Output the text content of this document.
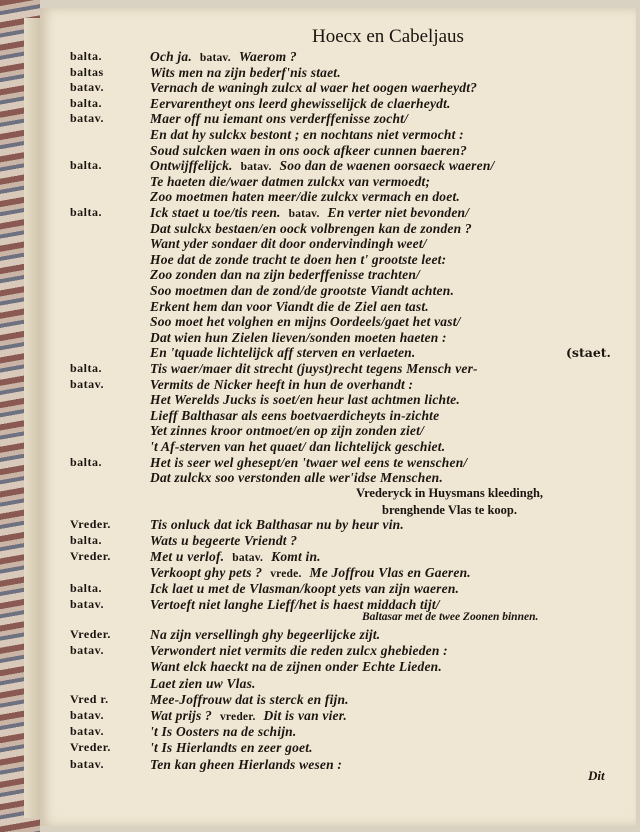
Hoecx en Cabeljaus
balta.	Och ja. batav. Waerom ?
baltas	Wits men na zijn bederf'nis staet.
batav.	Vernach de waningh zulcx al waer het oogen waerheydt?
balta.	Eervarentheyt ons leerd ghewisselijck de claerheydt.
batav.	Maer off nu iemant ons verderffenisse zocht/
En dat hy sulckx bestont ; en nochtans niet vermocht :
Soud sulcken waen in ons oock afkeer cunnen baeren?
balta.	Ontwijffelijck. batav. Soo dan de waenen oorsaeck waeren/
Te haeten die/waer datmen zulckx van vermoedt;
Zoo moetmen haten meer/die zulckx vermach en doet.
balta.	Ick staet u toe/tis reen. batav. En verter niet bevonden/
Dat sulckx bestaen/en oock volbrengen kan de zonden ?
Want yder sondaer dit door ondervindingh weet/
Hoe dat de zonde tracht te doen hen t' grootste leet:
Zoo zonden dan na zijn bederffenisse trachten/
Soo moetmen dan de zond/de grootste Viandt achten.
Erkent hem dan voor Viandt die de Ziel aen tast.
Soo moet het volghen en mijns Oordeels/gaet het vast/
Dat wien hun Zielen lieven/sonden moeten haeten :
En 'tquade lichtelijck aff sterven en verlaeten.	(staet.
balta.	Tis waer/maer dit strecht (juyst)recht tegens Mensch ver-
batav.	Vermits de Nicker heeft in hun de overhandt :
Het Werelds Jucks is soet/en heur last achtmen lichte.
Lieff Balthasar als eens boetvaerdicheyts in-zichte
Yet zinnes kroor ontmoet/en op zijn zonden ziet/
't Af-sterven van het quaet/ dan lichtelijck geschiet.
balta.	Het is seer wel ghesept/en 'twaer wel eens te wenschen/
Dat zulckx soo verstonden alle wer'idse Menschen.
Vrederyck in Huysmans kleedingh,
brenghende Vlas te koop.
Vreder.	Tis onluck dat ick Balthasar nu by heur vin.
balta.	Wats u begeerte Vriendt ?
Vreder.	Met u verlof. batav. Komt in.
Verkoopt ghy pets ? vrede. Me Joffrou Vlas en Gaeren.
balta.	Ick laet u met de Vlasman/koopt yets van zijn waeren.
batav.	Vertoeft niet langhe Lieff/het is haest middach tijt/
Baltasar met de twee Zoonen binnen.
Vreder.	Na zijn versellingh ghy begeerlijcke zijt.
batav.	Verwondert niet vermits die reden zulcx ghebieden :
Want elck haeckt na de zijnen onder Echte Lieden.
Laet zien uw Vlas.
Vred r.	Mee-Joffrouw dat is sterck en fijn.
batav.	Wat prijs ? vreder. Dit is van vier.
batav.	't Is Oosters na de schijn.
Vreder.	't Is Hierlandts en zeer goet.
batav.	Ten kan gheen Hierlands wesen :
Dit
